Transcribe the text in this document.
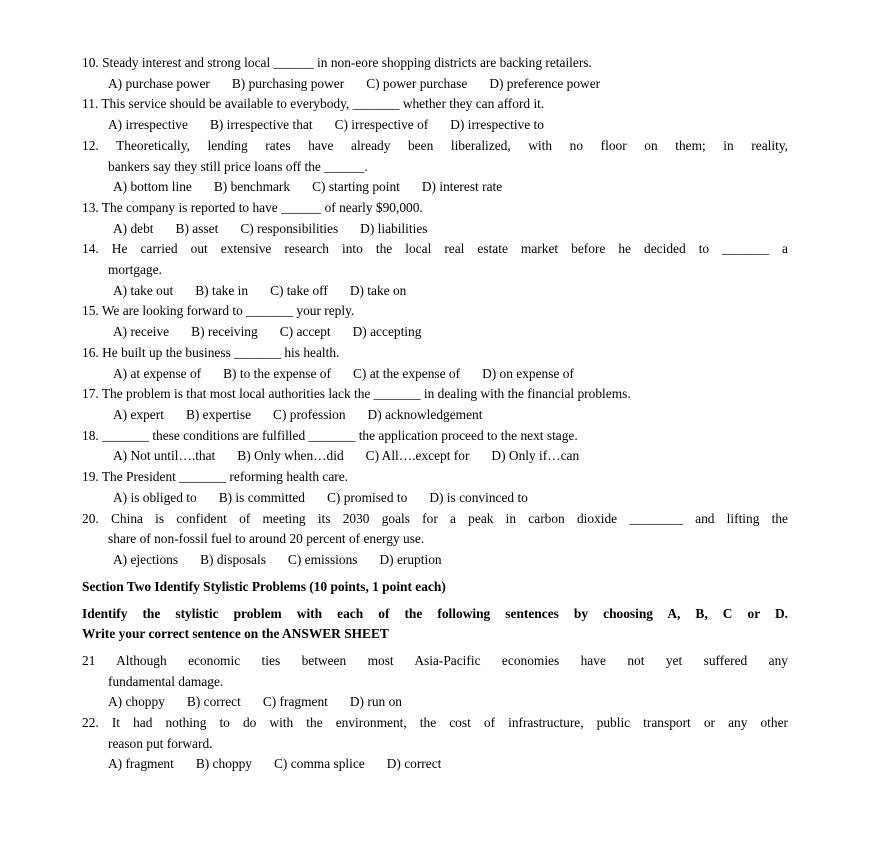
10. Steady interest and strong local ______ in non-eore shopping districts are backing retailers.
A) purchase power B) purchasing power C) power purchase D) preference power
11. This service should be available to everybody, _______ whether they can afford it.
A) irrespective B) irrespective that C) irrespective of D) irrespective to
12. Theoretically, lending rates have already been liberalized, with no floor on them; in reality,
bankers say they still price loans off the ______.
A) bottom line B) benchmark C) starting point D) interest rate
13. The company is reported to have ______ of nearly $90,000.
A) debt B) asset C) responsibilities D) liabilities
14. He carried out extensive research into the local real estate market before he decided to _______ a
mortgage.
A) take out B) take in C) take off D) take on
15. We are looking forward to _______ your reply.
A) receive B) receiving C) accept D) accepting
16. He built up the business _______ his health.
A) at expense of B) to the expense of C) at the expense of D) on expense of
17. The problem is that most local authorities lack the _______ in dealing with the financial problems.
A) expert B) expertise C) profession D) acknowledgement
18. _______ these conditions are fulfilled _______ the application proceed to the next stage.
A) Not until….that B) Only when…did C) All….except for D) Only if…can
19. The President _______ reforming health care.
A) is obliged to B) is committed C) promised to D) is convinced to
20. China is confident of meeting its 2030 goals for a peak in carbon dioxide ________ and lifting the
share of non-fossil fuel to around 20 percent of energy use.
A) ejections B) disposals C) emissions D) eruption
Section Two Identify Stylistic Problems (10 points, 1 point each)
Identify the stylistic problem with each of the following sentences by choosing A, B, C or D.
Write your correct sentence on the ANSWER SHEET
21 Although economic ties between most Asia-Pacific economies have not yet suffered any
fundamental damage.
A) choppy B) correct C) fragment D) run on
22. It had nothing to do with the environment, the cost of infrastructure, public transport or any other
reason put forward.
A) fragment B) choppy C) comma splice D) correct
